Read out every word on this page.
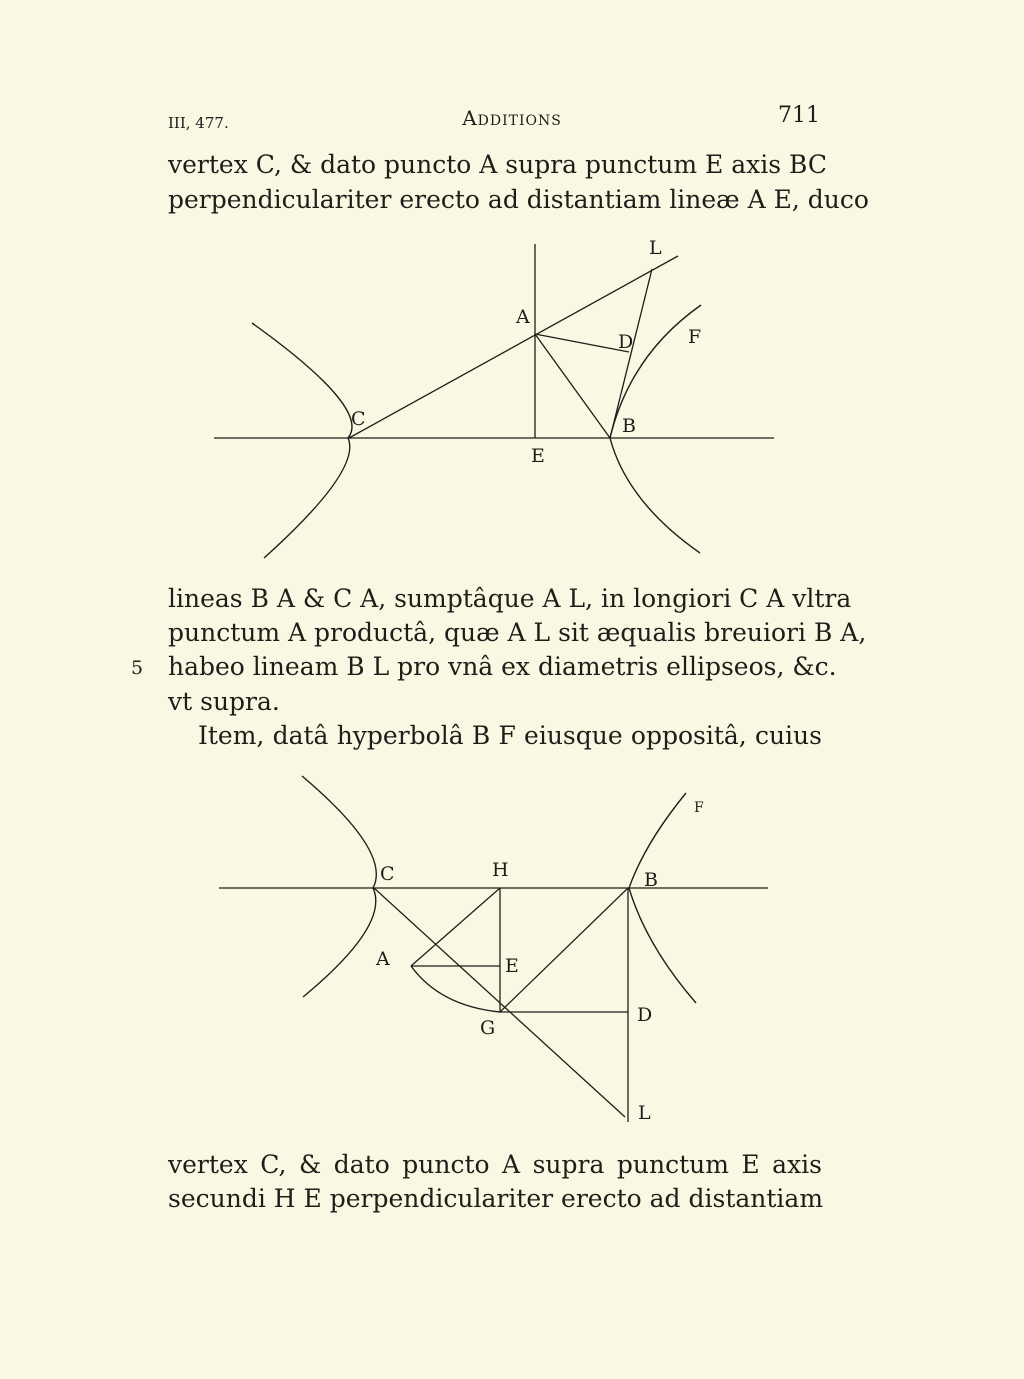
III, 477.	Additions	711
vertex C, & dato puncto A supra punctum E axis BC
perpendiculariter erecto ad distantiam lineæ A E, duco
L
A
D	F
C	B
E
lineas B A & C A, sumptâque A L, in longiori C A vltra
punctum A productâ, quæ A L sit æqualis breuiori B A,
5 habeo lineam B L pro vnâ ex diametris ellipseos, &c.
vt supra.
Item, datâ hyperbolâ B F eiusque oppositâ, cuius
F
C	H	B
A	E
G
D
L
vertex C, & dato puncto A supra punctum E axis
secundi H E perpendiculariter erecto ad distantiam
